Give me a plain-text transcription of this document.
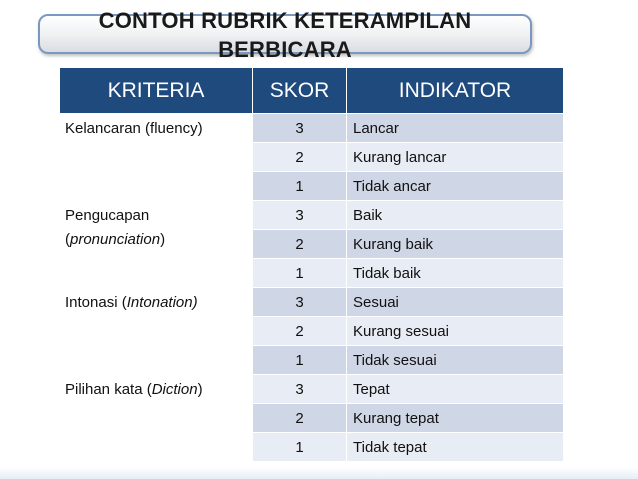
CONTOH RUBRIK KETERAMPILAN
BERBICARA
KRITERIA	SKOR	INDIKATOR
Kelancaran (fluency)	3	Lancar
	2	Kurang lancar
	1	Tidak ancar

Pengucapan
(pronunciation)	3	Baik
	2	Kurang baik
	1	Tidak baik
Intonasi (Intonation)	3	Sesuai
	2	Kurang sesuai
	1	Tidak sesuai
Pilihan kata (Diction)	3	Tepat
	2	Kurang tepat
	1	Tidak tepat
